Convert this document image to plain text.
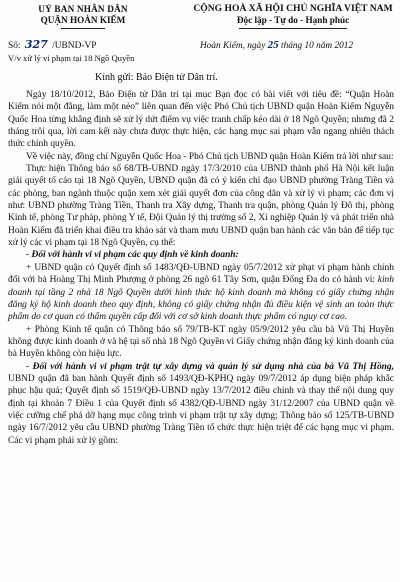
UỶ BAN NHÂN DÂN
QUẬN HOÀN KIẾM
CỘNG HOÀ XÃ HỘI CHỦ NGHĨA VIỆT NAM
Độc lập - Tự do - Hạnh phúc
Số: 327 /UBND-VP
V/v xử lý vi phạm tại 18 Ngõ Quyền
Hoàn Kiếm, ngày 25 tháng 10 năm 2012
Kính gửi: Báo Điện tử Dân trí.

Ngày 18/10/2012, Báo Điện tử Dân trí tại mục Bạn đọc có bài viết với tiêu đề: “Quận Hoàn Kiếm nói một đằng, làm một nẻo” liên quan đến việc Phó Chủ tịch UBND quận Hoàn Kiếm Nguyễn Quốc Hoa từng khẳng định sẽ xử lý dứt điểm vụ việc tranh chấp kéo dài ở 18 Ngõ Quyền; nhưng đã 2 tháng trôi qua, lời cam kết này chưa được thực hiện, các hạng mục sai phạm vẫn ngang nhiên thách thức chính quyền.

Về việc này, đồng chí Nguyễn Quốc Hoa - Phó Chủ tịch UBND quận Hoàn Kiếm trả lời như sau:

Thực hiện Thông báo số 68/TB-UBND ngày 17/3/2010 của UBND thành phố Hà Nội kết luận giải quyết tố cáo tại 18 Ngõ Quyền, UBND quận đã có ý kiến chỉ đạo UBND phường Tràng Tiền và các phòng, ban ngành thuộc quận xem xét giải quyết đơn của công dân và xử lý vi phạm; các đơn vị như: UBND phường Tràng Tiền, Thanh tra Xây dựng, Thanh tra quận, phòng Quản lý Đô thị, phòng Kinh tế, phòng Tư pháp, phòng Y tế, Đội Quản lý thị trường số 2, Xí nghiệp Quản lý và phát triển nhà Hoàn Kiếm đã triển khai điều tra khảo sát và tham mưu UBND quận ban hành các văn bản để tiếp tục xử lý các vi phạm tại 18 Ngõ Quyền, cụ thể:

- Đối với hành vi vi phạm các quy định về kinh doanh:

+ UBND quận có Quyết định số 1483/QĐ-UBND ngày 05/7/2012 xử phạt vi phạm hành chính đối với bà Hoàng Thị Minh Phượng ở phòng 26 ngõ 61 Tây Sơn, quận Đống Đa do có hành vi: kinh doanh tại tầng 2 nhà 18 Ngõ Quyền dưới hình thức hộ kinh doanh mà không có giấy chứng nhận đăng ký hộ kinh doanh theo quy định, không có giấy chứng nhận đủ điều kiện vệ sinh an toàn thực phẩm do cơ quan có thẩm quyền cấp đối với cơ sở kinh doanh thực phẩm có nguy cơ cao.

+ Phòng Kinh tế quận có Thông báo số 79/TB-KT ngày 05/9/2012 yêu cầu bà Vũ Thị Huyền không được kinh doanh ở và hệ tại số nhà 18 Ngõ Quyền vì Giấy chứng nhận đăng ký kinh doanh của bà Huyền không còn hiệu lực.

- Đối với hành vi vi phạm trật tự xây dựng và quản lý sử dụng nhà của bà Vũ Thị Hồng, UBND quận đã ban hành Quyết định số 1493/QĐ-KPHQ ngày 09/7/2012 áp dụng biện pháp khắc phục hậu quả; Quyết định số 1519/QĐ-UBND ngày 13/7/2012 điều chỉnh và thay thế nội dung quy định tại khoản 7 Điều 1 của Quyết định số 4382/QĐ-UBND ngày 31/12/2007 của UBND quận về việc cưỡng chế phá dỡ hạng mục công trình vi phạm trật tự xây dựng; Thông báo số 125/TB-UBND ngày 16/7/2012 yêu cầu UBND phường Tràng Tiền tổ chức thực hiện triệt để các hạng mục vi phạm. Các vi phạm phải xử lý gồm:
